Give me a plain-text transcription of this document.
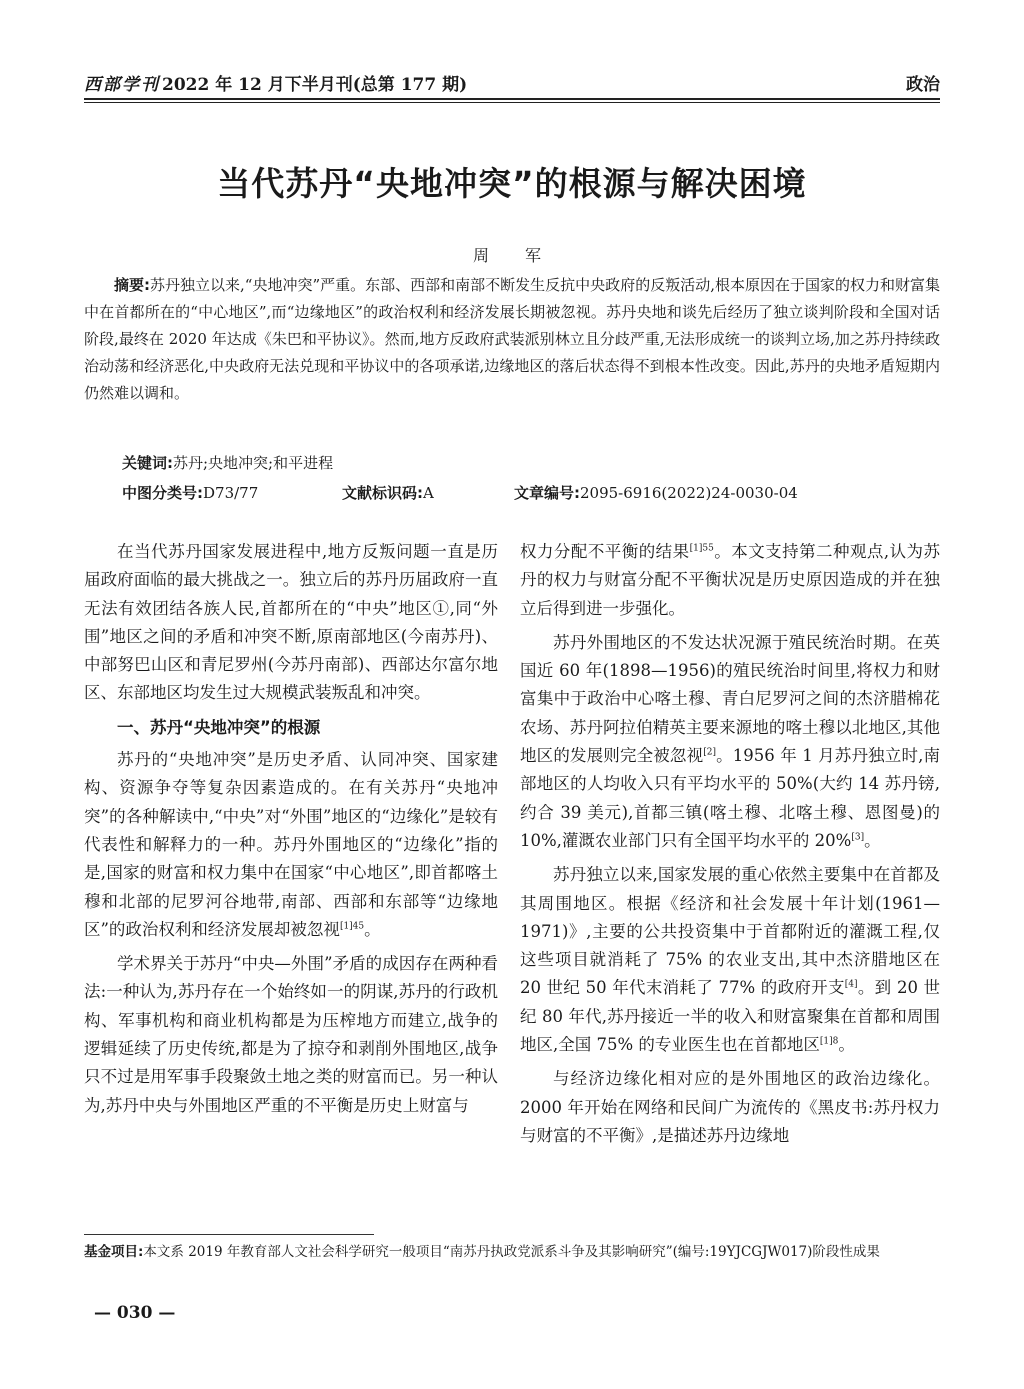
西部学刊 2022 年 12 月下半月刊(总第 177 期)	政治
当代苏丹“央地冲突”的根源与解决困境
周　军

摘要:苏丹独立以来,“央地冲突”严重。东部、西部和南部不断发生反抗中央政府的反叛活动,根本原因在于国家的权力和财富集中在首都所在的“中心地区”,而“边缘地区”的政治权利和经济发展长期被忽视。苏丹央地和谈先后经历了独立谈判阶段和全国对话阶段,最终在 2020 年达成《朱巴和平协议》。然而,地方反政府武装派别林立且分歧严重,无法形成统一的谈判立场,加之苏丹持续政治动荡和经济恶化,中央政府无法兑现和平协议中的各项承诺,边缘地区的落后状态得不到根本性改变。因此,苏丹的央地矛盾短期内仍然难以调和。

关键词:苏丹;央地冲突;和平进程
中图分类号:D73/77	文献标识码:A	文章编号:2095-6916(2022)24-0030-04

在当代苏丹国家发展进程中,地方反叛问题一直是历届政府面临的最大挑战之一。独立后的苏丹历届政府一直无法有效团结各族人民,首都所在的“中央”地区①,同“外围”地区之间的矛盾和冲突不断,原南部地区(今南苏丹)、中部努巴山区和青尼罗州(今苏丹南部)、西部达尔富尔地区、东部地区均发生过大规模武装叛乱和冲突。

一、苏丹“央地冲突”的根源

苏丹的“央地冲突”是历史矛盾、认同冲突、国家建构、资源争夺等复杂因素造成的。在有关苏丹“央地冲突”的各种解读中,“中央”对“外围”地区的“边缘化”是较有代表性和解释力的一种。苏丹外围地区的“边缘化”指的是,国家的财富和权力集中在国家“中心地区”,即首都喀土穆和北部的尼罗河谷地带,南部、西部和东部等“边缘地区”的政治权利和经济发展却被忽视$^{[1]45}$。

学术界关于苏丹“中央—外围”矛盾的成因存在两种看法:一种认为,苏丹存在一个始终如一的阴谋,苏丹的行政机构、军事机构和商业机构都是为压榨地方而建立,战争的逻辑延续了历史传统,都是为了掠夺和剥削外围地区,战争只不过是用军事手段聚敛土地之类的财富而已。另一种认为,苏丹中央与外围地区严重的不平衡是历史上财富与

权力分配不平衡的结果$^{[1]55}$。本文支持第二种观点,认为苏丹的权力与财富分配不平衡状况是历史原因造成的并在独立后得到进一步强化。

苏丹外围地区的不发达状况源于殖民统治时期。在英国近 60 年(1898—1956)的殖民统治时间里,将权力和财富集中于政治中心喀土穆、青白尼罗河之间的杰济腊棉花农场、苏丹阿拉伯精英主要来源地的喀土穆以北地区,其他地区的发展则完全被忽视[2]。1956 年 1 月苏丹独立时,南部地区的人均收入只有平均水平的 50%(大约 14 苏丹镑,约合 39 美元),首都三镇(喀土穆、北喀土穆、恩图曼)的 10%,灌溉农业部门只有全国平均水平的 20%[3]。

苏丹独立以来,国家发展的重心依然主要集中在首都及其周围地区。根据《经济和社会发展十年计划(1961—1971)》,主要的公共投资集中于首都附近的灌溉工程,仅这些项目就消耗了 75% 的农业支出,其中杰济腊地区在 20 世纪 50 年代末消耗了 77% 的政府开支[4]。到 20 世纪 80 年代,苏丹接近一半的收入和财富聚集在首都和周围地区,全国 75% 的专业医生也在首都地区$^{[1]8}$。

与经济边缘化相对应的是外围地区的政治边缘化。2000 年开始在网络和民间广为流传的《黑皮书:苏丹权力与财富的不平衡》,是描述苏丹边缘地

基金项目:本文系 2019 年教育部人文社会科学研究一般项目“南苏丹执政党派系斗争及其影响研究”(编号:19YJCGJW017)阶段性成果
— 030 —
